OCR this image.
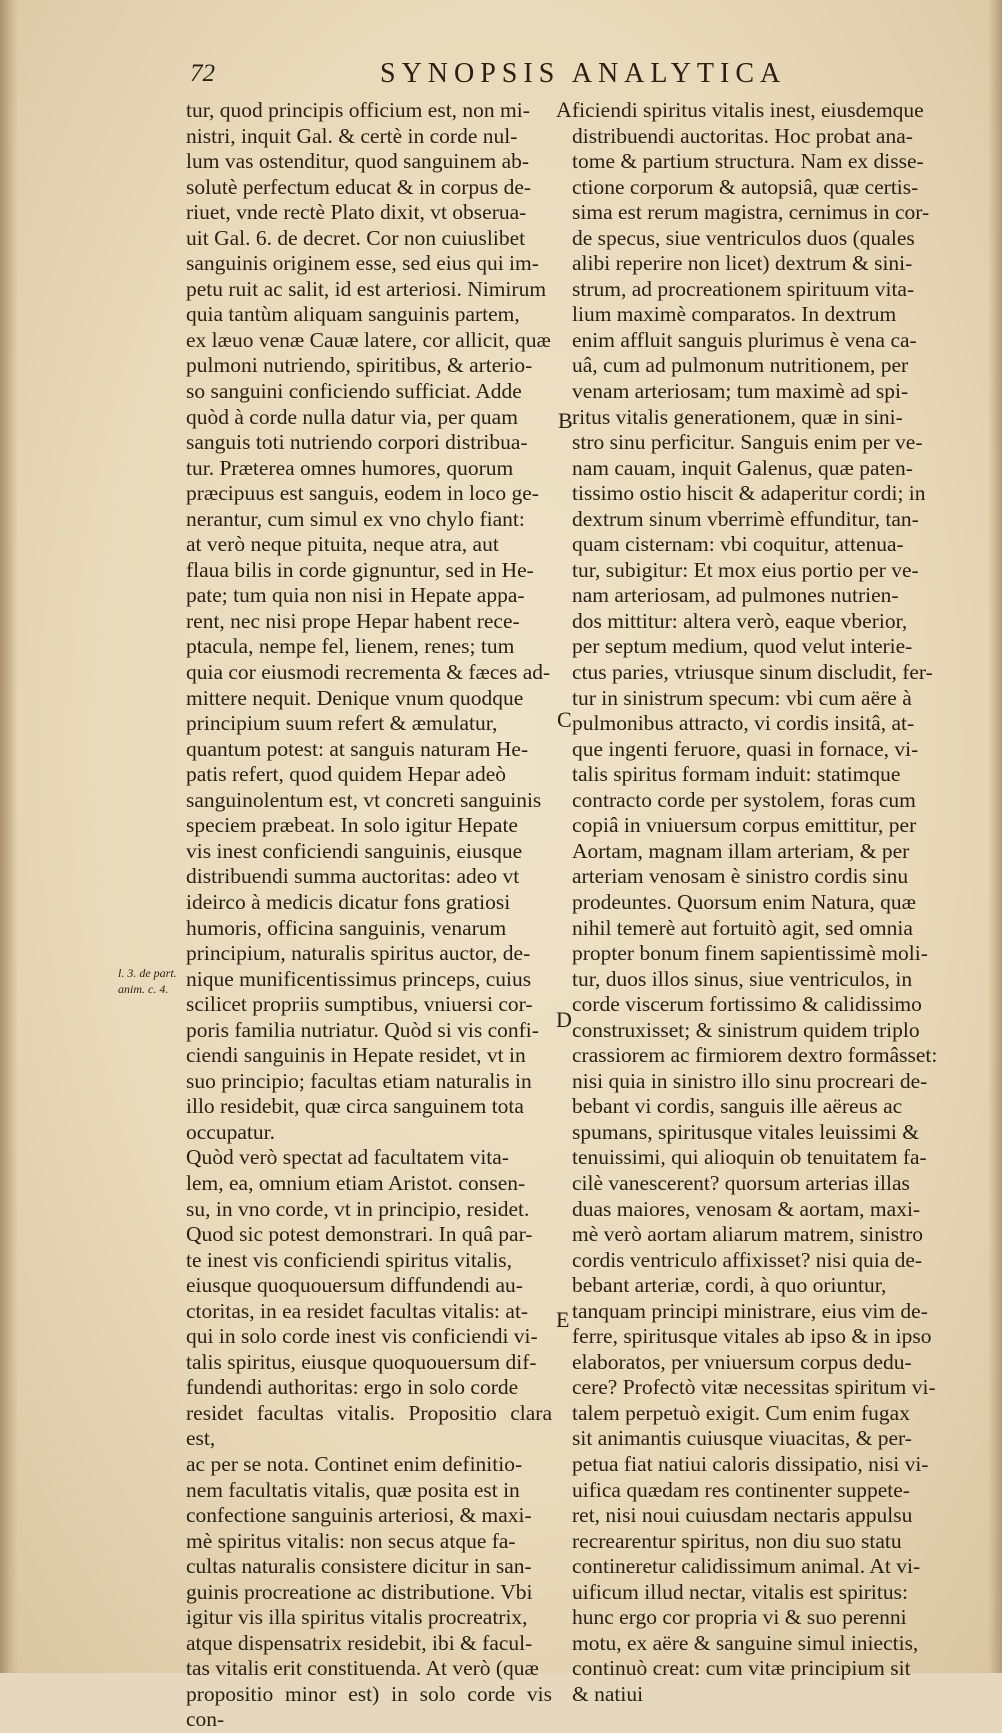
72	SYNOPSIS ANALYTICA
l. 3. de part.
anim. c. 4.
tur, quod principis officium est, non mi-
nistri, inquit Gal. & certè in corde nul-
lum vas ostenditur, quod sanguinem ab-
solutè perfectum educat & in corpus de-
riuet, vnde rectè Plato dixit, vt obserua-
uit Gal. 6. de decret. Cor non cuiuslibet
sanguinis originem esse, sed eius qui im-
petu ruit ac salit, id est arteriosi. Nimirum
quia tantùm aliquam sanguinis partem,
ex læuo venæ Cauæ latere, cor allicit, quæ
pulmoni nutriendo, spiritibus, & arterio-
so sanguini conficiendo sufficiat. Adde
quòd à corde nulla datur via, per quam
sanguis toti nutriendo corpori distribua-
tur. Præterea omnes humores, quorum
præcipuus est sanguis, eodem in loco ge-
nerantur, cum simul ex vno chylo fiant:
at verò neque pituita, neque atra, aut
flaua bilis in corde gignuntur, sed in He-
pate; tum quia non nisi in Hepate appa-
rent, nec nisi prope Hepar habent rece-
ptacula, nempe fel, lienem, renes; tum
quia cor eiusmodi recrementa & fæces ad-
mittere nequit. Denique vnum quodque
principium suum refert & æmulatur,
quantum potest: at sanguis naturam He-
patis refert, quod quidem Hepar adeò
sanguinolentum est, vt concreti sanguinis
speciem præbeat. In solo igitur Hepate
vis inest conficiendi sanguinis, eiusque
distribuendi summa auctoritas: adeo vt
ideirco à medicis dicatur fons gratiosi
humoris, officina sanguinis, venarum
principium, naturalis spiritus auctor, de-
nique munificentissimus princeps, cuius
scilicet propriis sumptibus, vniuersi cor-
poris familia nutriatur. Quòd si vis confi-
ciendi sanguinis in Hepate residet, vt in
suo principio; facultas etiam naturalis in
illo residebit, quæ circa sanguinem tota
occupatur.
Quòd verò spectat ad facultatem vita-
lem, ea, omnium etiam Aristot. consen-
su, in vno corde, vt in principio, residet.
Quod sic potest demonstrari. In quâ par-
te inest vis conficiendi spiritus vitalis,
eiusque quoquouersum diffundendi au-
ctoritas, in ea residet facultas vitalis: at-
qui in solo corde inest vis conficiendi vi-
talis spiritus, eiusque quoquouersum dif-
fundendi authoritas: ergo in solo corde
residet facultas vitalis. Propositio clara est,
ac per se nota. Continet enim definitio-
nem facultatis vitalis, quæ posita est in
confectione sanguinis arteriosi, & maxi-
mè spiritus vitalis: non secus atque fa-
cultas naturalis consistere dicitur in san-
guinis procreatione ac distributione. Vbi
igitur vis illa spiritus vitalis procreatrix,
atque dispensatrix residebit, ibi & facul-
tas vitalis erit constituenda. At verò (quæ
propositio minor est) in solo corde vis con-
A
B
C
D
E
ficiendi spiritus vitalis inest, eiusdemque
distribuendi auctoritas. Hoc probat ana-
tome & partium structura. Nam ex disse-
ctione corporum & autopsiâ, quæ certis-
sima est rerum magistra, cernimus in cor-
de specus, siue ventriculos duos (quales
alibi reperire non licet) dextrum & sini-
strum, ad procreationem spirituum vita-
lium maximè comparatos. In dextrum
enim affluit sanguis plurimus è vena ca-
uâ, cum ad pulmonum nutritionem, per
venam arteriosam; tum maximè ad spi-
ritus vitalis generationem, quæ in sini-
stro sinu perficitur. Sanguis enim per ve-
nam cauam, inquit Galenus, quæ paten-
tissimo ostio hiscit & adaperitur cordi; in
dextrum sinum vberrimè effunditur, tan-
quam cisternam: vbi coquitur, attenua-
tur, subigitur: Et mox eius portio per ve-
nam arteriosam, ad pulmones nutrien-
dos mittitur: altera verò, eaque vberior,
per septum medium, quod velut interie-
ctus paries, vtriusque sinum discludit, fer-
tur in sinistrum specum: vbi cum aëre à
pulmonibus attracto, vi cordis insitâ, at-
que ingenti feruore, quasi in fornace, vi-
talis spiritus formam induit: statimque
contracto corde per systolem, foras cum
copiâ in vniuersum corpus emittitur, per
Aortam, magnam illam arteriam, & per
arteriam venosam è sinistro cordis sinu
prodeuntes. Quorsum enim Natura, quæ
nihil temerè aut fortuitò agit, sed omnia
propter bonum finem sapientissimè moli-
tur, duos illos sinus, siue ventriculos, in
corde viscerum fortissimo & calidissimo
construxisset; & sinistrum quidem triplo
crassiorem ac firmiorem dextro formâsset:
nisi quia in sinistro illo sinu procreari de-
bebant vi cordis, sanguis ille aëreus ac
spumans, spiritusque vitales leuissimi &
tenuissimi, qui alioquin ob tenuitatem fa-
cilè vanescerent? quorsum arterias illas
duas maiores, venosam & aortam, maxi-
mè verò aortam aliarum matrem, sinistro
cordis ventriculo affixisset? nisi quia de-
bebant arteriæ, cordi, à quo oriuntur,
tanquam principi ministrare, eius vim de-
ferre, spiritusque vitales ab ipso & in ipso
elaboratos, per vniuersum corpus dedu-
cere? Profectò vitæ necessitas spiritum vi-
talem perpetuò exigit. Cum enim fugax
sit animantis cuiusque viuacitas, & per-
petua fiat natiui caloris dissipatio, nisi vi-
uifica quædam res continenter suppete-
ret, nisi noui cuiusdam nectaris appulsu
recrearentur spiritus, non diu suo statu
contineretur calidissimum animal. At vi-
uificum illud nectar, vitalis est spiritus:
hunc ergo cor propria vi & suo perenni
motu, ex aëre & sanguine simul iniectis,
continuò creat: cum vitæ principium sit
& natiui
